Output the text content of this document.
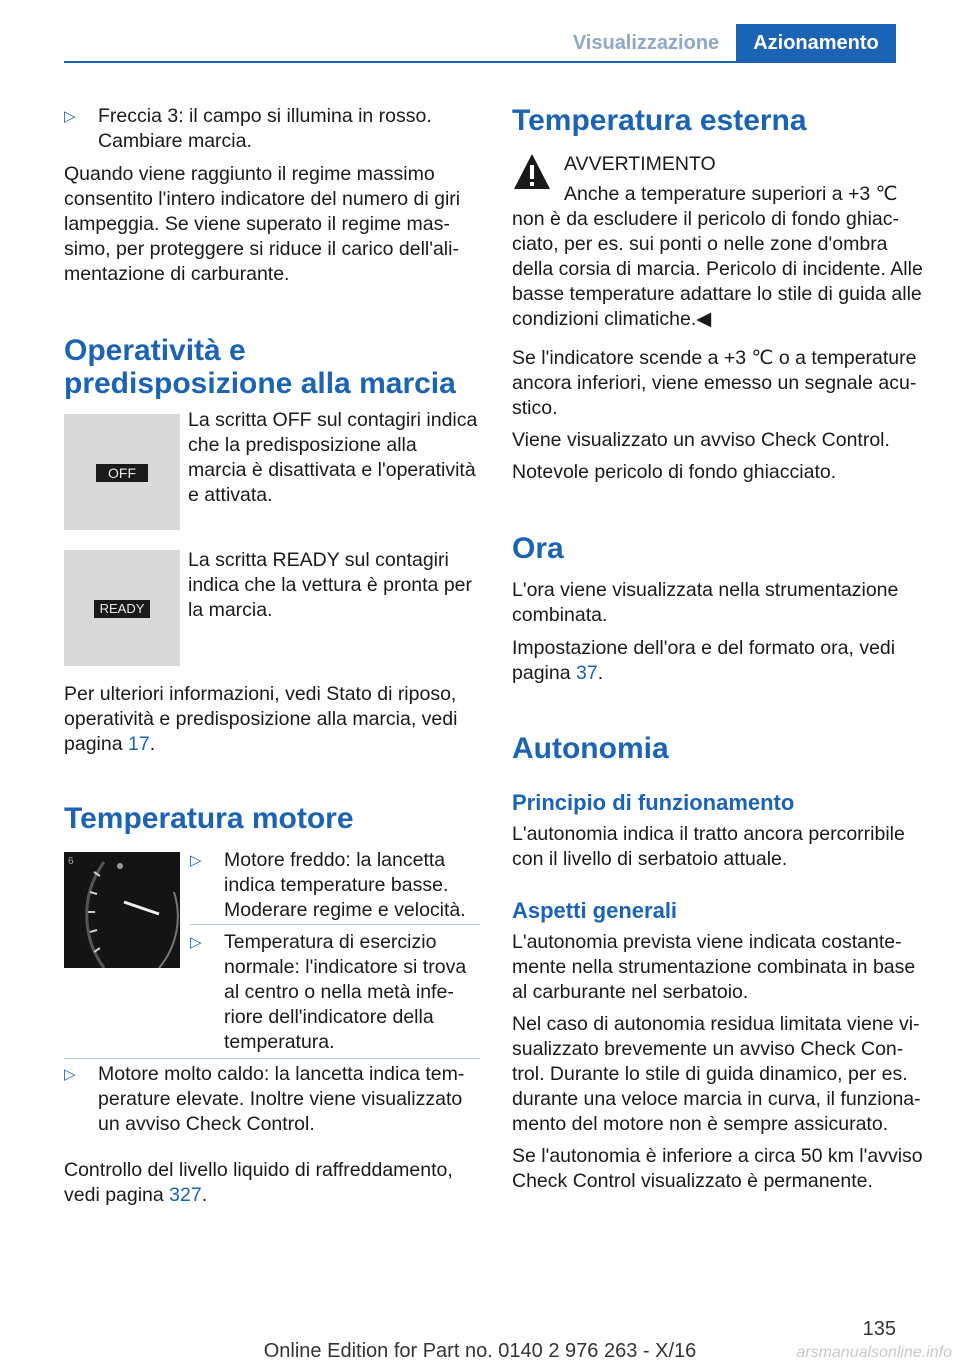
Visualizzazione	Azionamento
▷ Freccia 3: il campo si illumina in rosso. Cambiare marcia.

Quando viene raggiunto il regime massimo consentito l'intero indicatore del numero di giri lampeggia. Se viene superato il regime massimo, per proteggere si riduce il carico dell'alimentazione di carburante.

Operatività e predisposizione alla marcia
OFF

La scritta OFF sul contagiri indica che la predisposizione alla marcia è disattivata e l'operatività e attivata.

READY

La scritta READY sul contagiri indica che la vettura è pronta per la marcia.

Per ulteriori informazioni, vedi Stato di riposo, operatività e predisposizione alla marcia, vedi pagina 17.

Temperatura motore
6	▷ Motore freddo: la lancetta indica temperature basse. Moderare regime e velocità.
▷ Temperatura di esercizio normale: l'indicatore si trova al centro o nella metà inferiore dell'indicatore della temperatura.
▷ Motore molto caldo: la lancetta indica temperature elevate. Inoltre viene visualizzato un avviso Check Control.

Controllo del livello liquido di raffreddamento, vedi pagina 327.

Temperatura esterna
AVVERTIMENTO
Anche a temperature superiori a +3 ℃

non è da escludere il pericolo di fondo ghiacciato, per es. sui ponti o nelle zone d'ombra della corsia di marcia. Pericolo di incidente. Alle basse temperature adattare lo stile di guida alle condizioni climatiche.◀

Se l'indicatore scende a +3 ℃ o a temperature ancora inferiori, viene emesso un segnale acustico.

Viene visualizzato un avviso Check Control.

Notevole pericolo di fondo ghiacciato.

Ora

L'ora viene visualizzata nella strumentazione combinata.

Impostazione dell'ora e del formato ora, vedi pagina 37.

Autonomia
Principio di funzionamento

L'autonomia indica il tratto ancora percorribile con il livello di serbatoio attuale.

Aspetti generali

L'autonomia prevista viene indicata costantemente nella strumentazione combinata in base al carburante nel serbatoio.

Nel caso di autonomia residua limitata viene visualizzato brevemente un avviso Check Control. Durante lo stile di guida dinamico, per es. durante una veloce marcia in curva, il funzionamento del motore non è sempre assicurato.

Se l'autonomia è inferiore a circa 50 km l'avviso Check Control visualizzato è permanente.

135
Online Edition for Part no. 0140 2 976 263 - X/16	arsmanualsonline.info
